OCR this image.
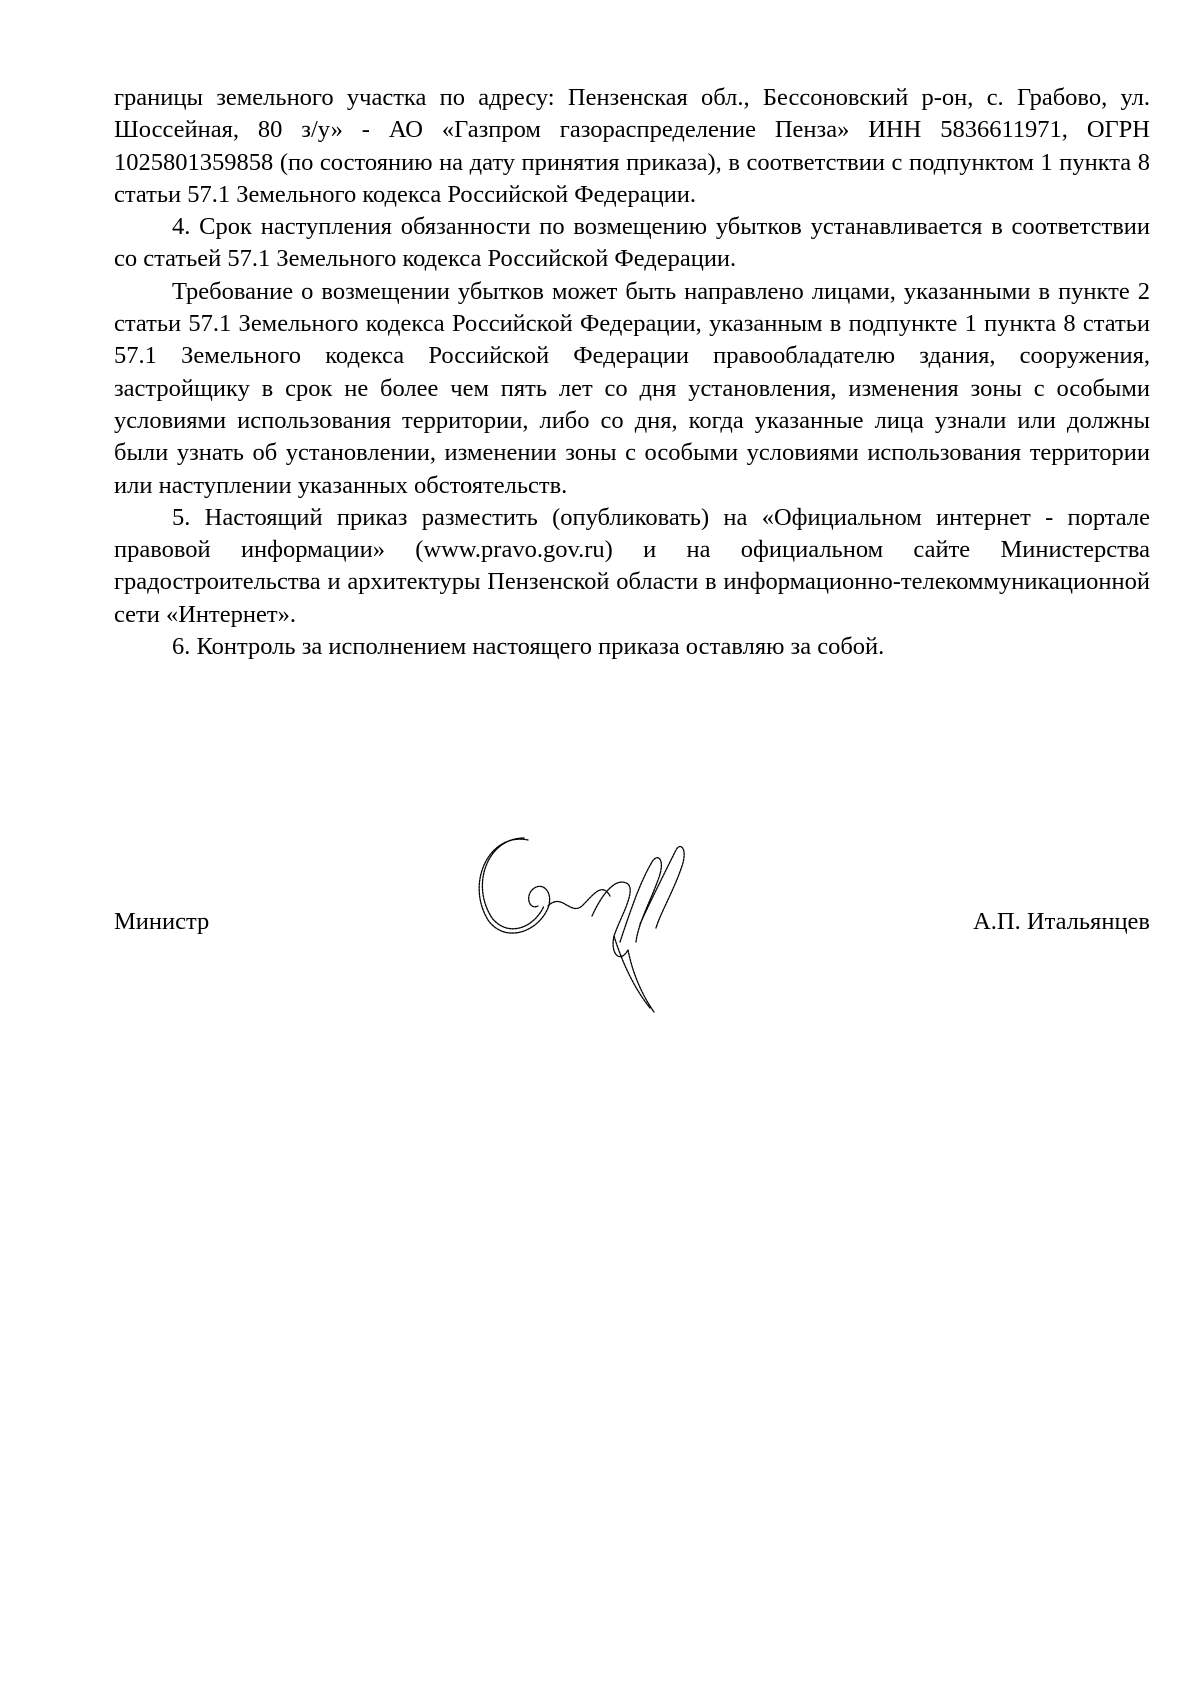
границы земельного участка по адресу: Пензенская обл., Бессоновский р-он, с. Грабово, ул. Шоссейная, 80 з/у» - АО «Газпром газораспределение Пенза» ИНН 5836611971, ОГРН 1025801359858 (по состоянию на дату принятия приказа), в соответствии с подпунктом 1 пункта 8 статьи 57.1 Земельного кодекса Российской Федерации.

4. Срок наступления обязанности по возмещению убытков устанавливается в соответствии со статьей 57.1 Земельного кодекса Российской Федерации.

Требование о возмещении убытков может быть направлено лицами, указанными в пункте 2 статьи 57.1 Земельного кодекса Российской Федерации, указанным в подпункте 1 пункта 8 статьи 57.1 Земельного кодекса Российской Федерации правообладателю здания, сооружения, застройщику в срок не более чем пять лет со дня установления, изменения зоны с особыми условиями использования территории, либо со дня, когда указанные лица узнали или должны были узнать об установлении, изменении зоны с особыми условиями использования территории или наступлении указанных обстоятельств.

5. Настоящий приказ разместить (опубликовать) на «Официальном интернет - портале правовой информации» (www.pravo.gov.ru) и на официальном сайте Министерства градостроительства и архитектуры Пензенской области в информационно-телекоммуникационной сети «Интернет».

6. Контроль за исполнением настоящего приказа оставляю за собой.

Министр	А.П. Итальянцев
